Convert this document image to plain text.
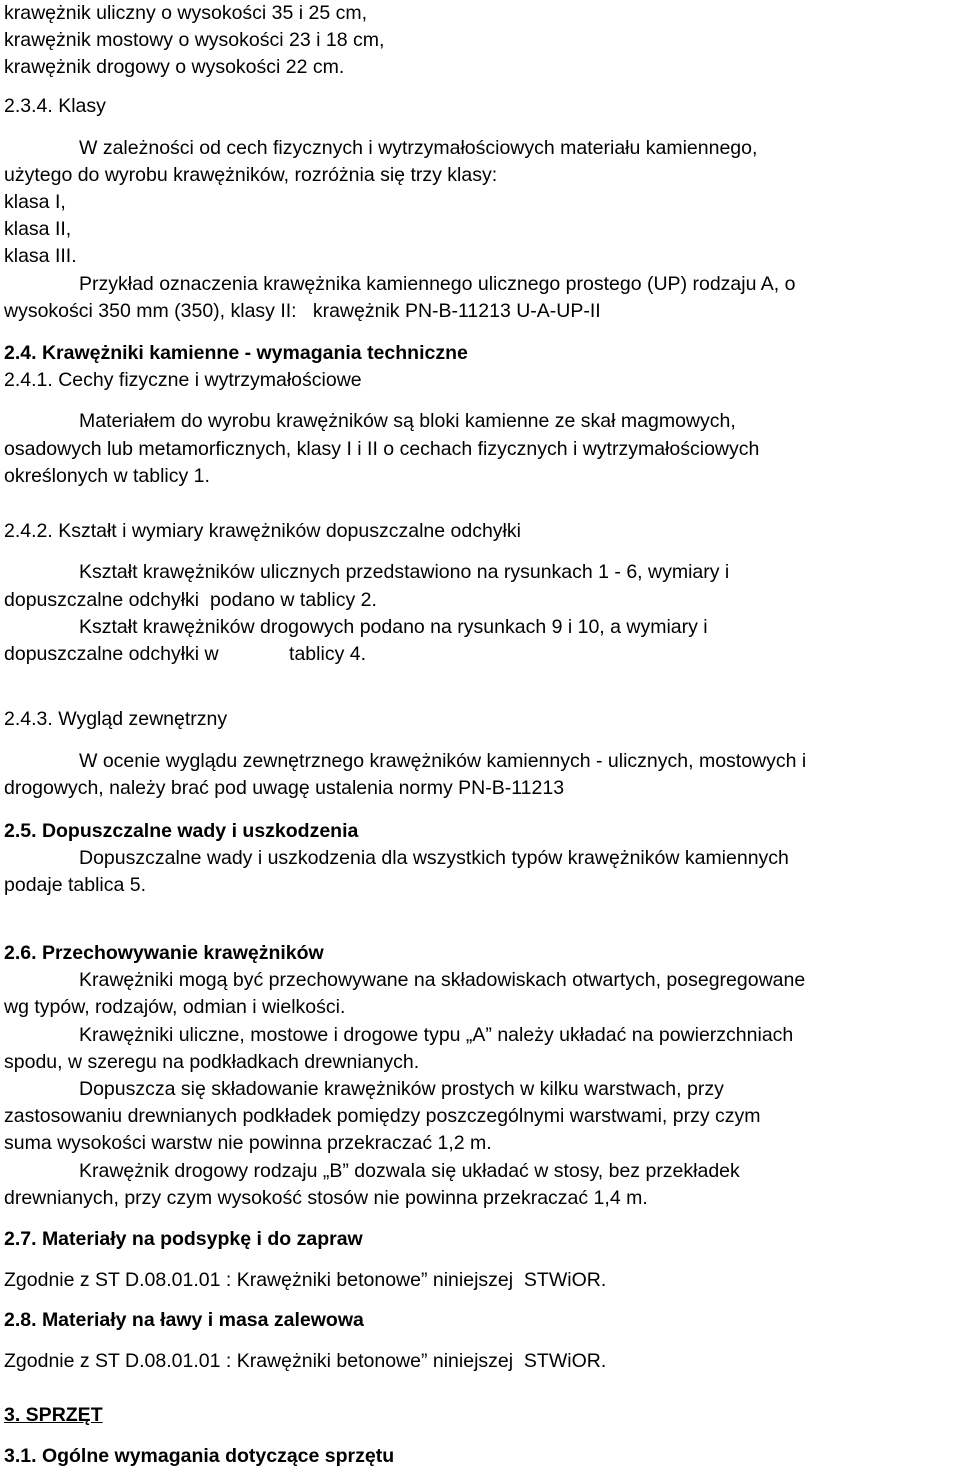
krawężnik uliczny o wysokości 35 i 25 cm,

krawężnik mostowy o wysokości 23 i 18 cm,

krawężnik drogowy o wysokości 22 cm.

2.3.4. Klasy

W zależności od cech fizycznych i wytrzymałościowych materiału kamiennego,

użytego do wyrobu krawężników, rozróżnia się trzy klasy:

klasa I,

klasa II,

klasa III.

Przykład oznaczenia krawężnika kamiennego ulicznego prostego (UP) rodzaju A, o

wysokości 350 mm (350), klasy II:   krawężnik PN-B-11213 U-A-UP-II

2.4. Krawężniki kamienne - wymagania techniczne

2.4.1. Cechy fizyczne i wytrzymałościowe

Materiałem do wyrobu krawężników są bloki kamienne ze skał magmowych,

osadowych lub metamorficznych, klasy I i II o cechach fizycznych i wytrzymałościowych

określonych w tablicy 1.

2.4.2. Kształt i wymiary krawężników dopuszczalne odchyłki

Kształt krawężników ulicznych przedstawiono na rysunkach 1 - 6, wymiary i

dopuszczalne odchyłki  podano w tablicy 2.

Kształt krawężników drogowych podano na rysunkach 9 i 10, a wymiary i

dopuszczalne odchyłki w             tablicy 4.

2.4.3. Wygląd zewnętrzny

W ocenie wyglądu zewnętrznego krawężników kamiennych - ulicznych, mostowych i

drogowych, należy brać pod uwagę ustalenia normy PN-B-11213

2.5. Dopuszczalne wady i uszkodzenia

Dopuszczalne wady i uszkodzenia dla wszystkich typów krawężników kamiennych

podaje tablica 5.

2.6. Przechowywanie krawężników

Krawężniki mogą być przechowywane na składowiskach otwartych, posegregowane

wg typów, rodzajów, odmian i wielkości.

Krawężniki uliczne, mostowe i drogowe typu „A” należy układać na powierzchniach

spodu, w szeregu na podkładkach drewnianych.

Dopuszcza się składowanie krawężników prostych w kilku warstwach, przy

zastosowaniu drewnianych podkładek pomiędzy poszczególnymi warstwami, przy czym

suma wysokości warstw nie powinna przekraczać 1,2 m.

Krawężnik drogowy rodzaju „B” dozwala się układać w stosy, bez przekładek

drewnianych, przy czym wysokość stosów nie powinna przekraczać 1,4 m.

2.7. Materiały na podsypkę i do zapraw

Zgodnie z ST D.08.01.01 : Krawężniki betonowe” niniejszej  STWiOR.

2.8. Materiały na ławy i masa zalewowa

Zgodnie z ST D.08.01.01 : Krawężniki betonowe” niniejszej  STWiOR.

3. SPRZĘT

3.1. Ogólne wymagania dotyczące sprzętu
